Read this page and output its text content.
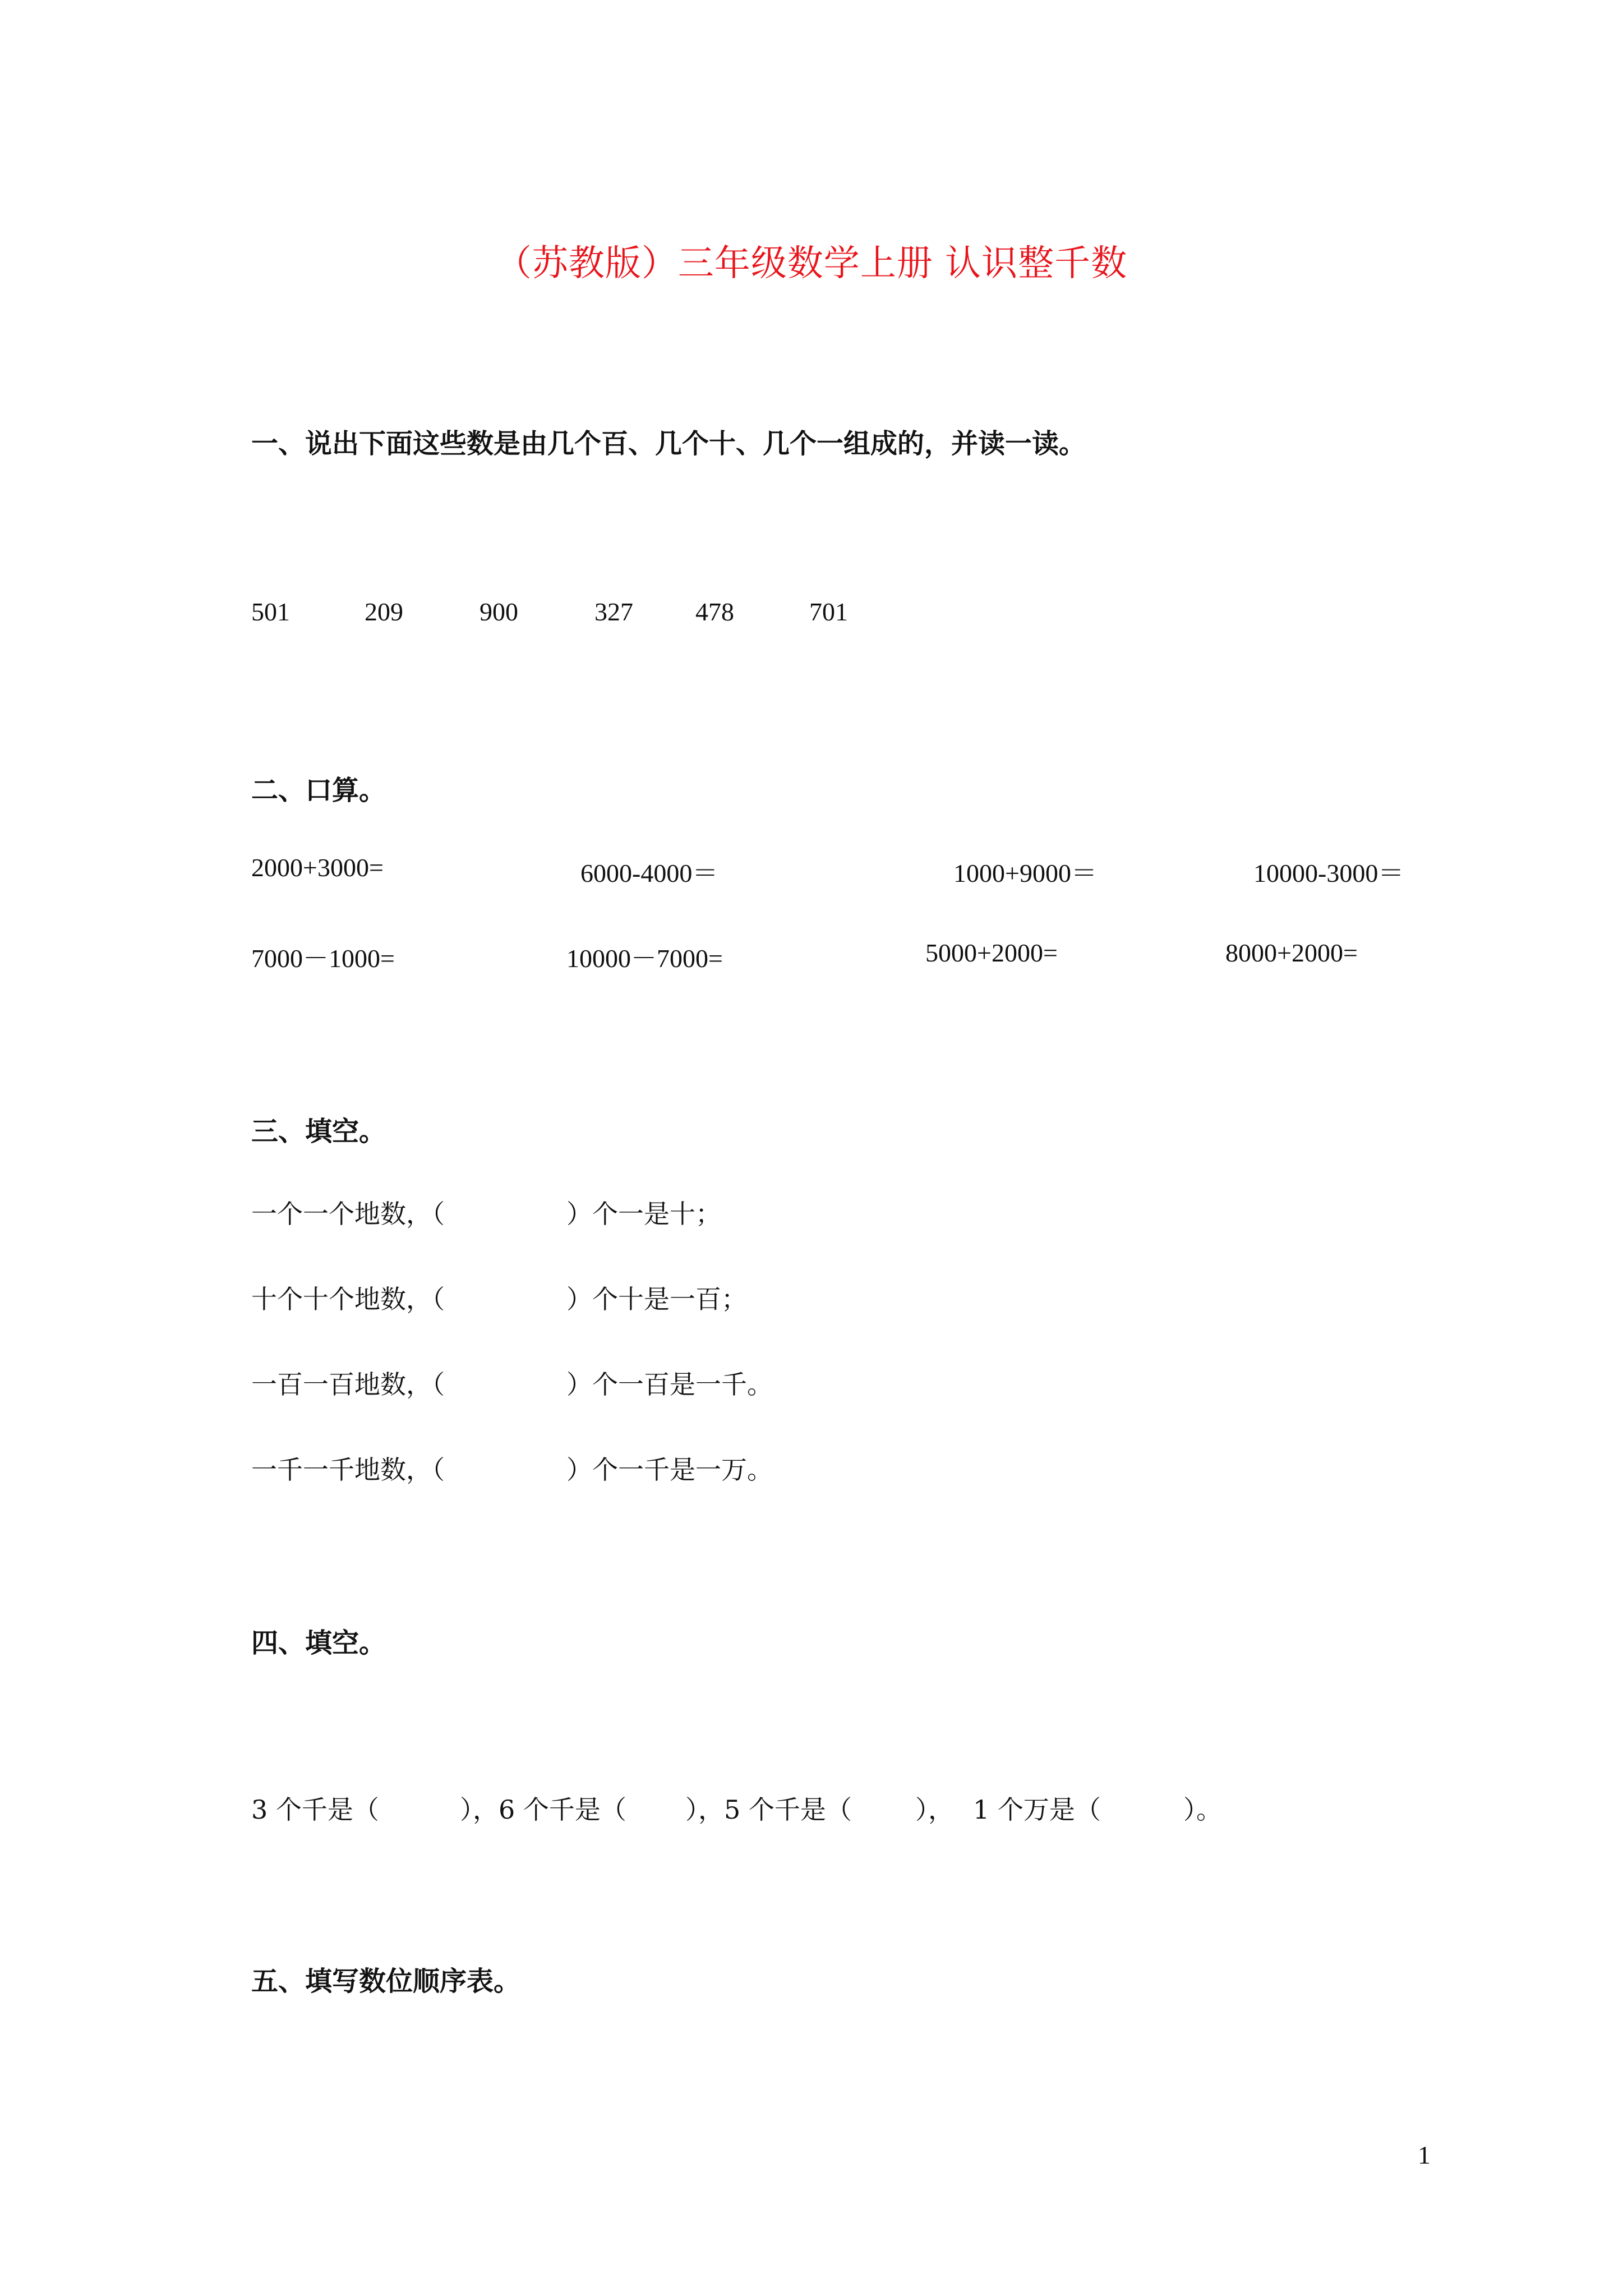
（苏教版）三年级数学上册 认识整千数
一、说出下面这些数是由几个百、几个十、几个一组成的，并读一读。
501	209	900	327 478	701
二、口算。
2000+3000=	6000-4000＝	1000+9000＝	10000-3000＝
7000－1000=	10000－7000=	5000+2000=	8000+2000=
三、填空。
一个一个地数，（	）个一是十；
十个十个地数，（	）个十是一百；
一百一百地数，（	）个一百是一千。
一千一千地数，（	）个一千是一万。
四、填空。
3 个千是（	），6 个千是（ ），5 个千是（ ）， 1 个万是（	）。
五、填写数位顺序表。
1
